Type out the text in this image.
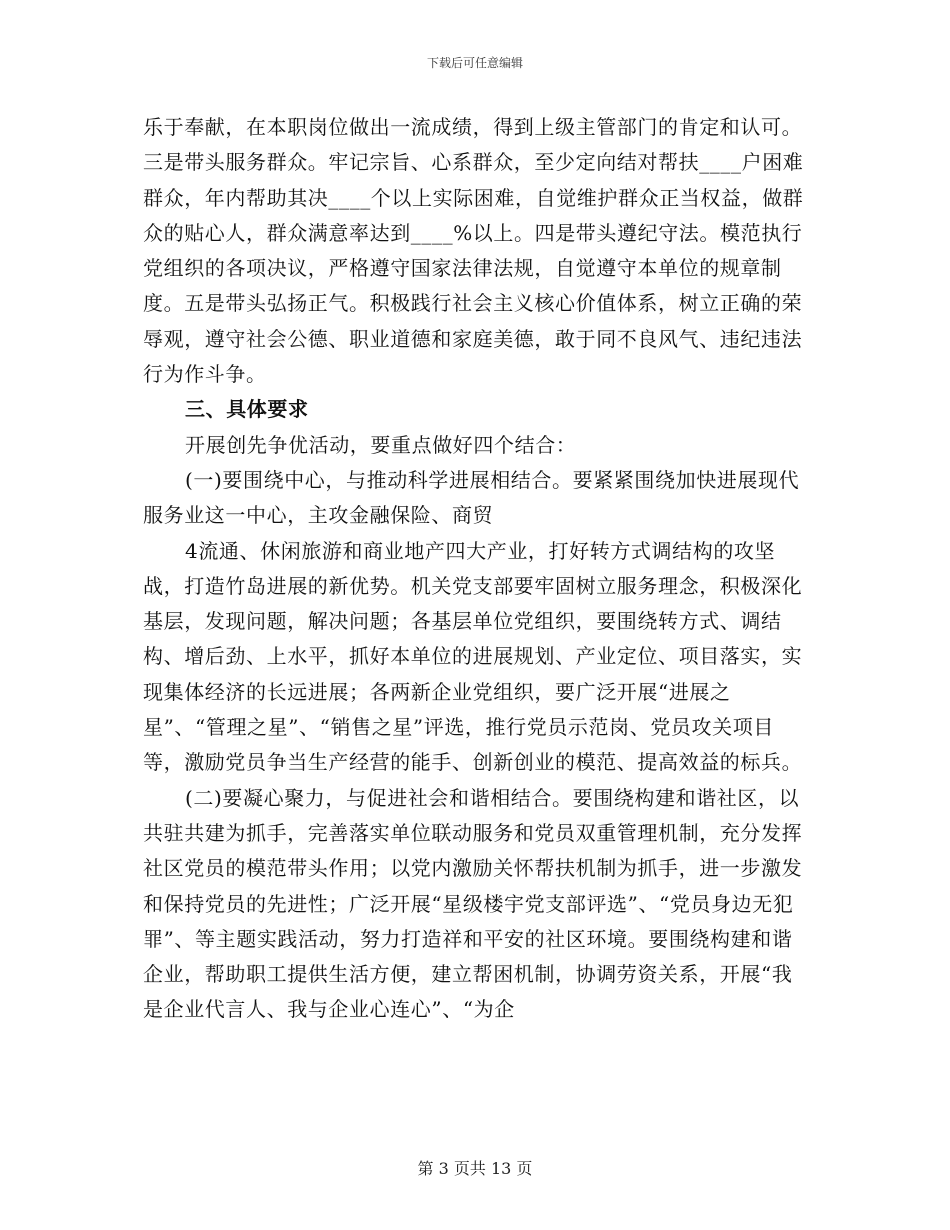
下载后可任意编辑

乐于奉献，在本职岗位做出一流成绩，得到上级主管部门的肯定和认可。三是带头服务群众。牢记宗旨、心系群众，至少定向结对帮扶____户困难群众，年内帮助其决____个以上实际困难，自觉维护群众正当权益，做群众的贴心人，群众满意率达到____%以上。四是带头遵纪守法。模范执行党组织的各项决议，严格遵守国家法律法规，自觉遵守本单位的规章制度。五是带头弘扬正气。积极践行社会主义核心价值体系，树立正确的荣辱观，遵守社会公德、职业道德和家庭美德，敢于同不良风气、违纪违法行为作斗争。

三、具体要求

开展创先争优活动，要重点做好四个结合：

(一)要围绕中心，与推动科学进展相结合。要紧紧围绕加快进展现代服务业这一中心，主攻金融保险、商贸

4流通、休闲旅游和商业地产四大产业，打好转方式调结构的攻坚战，打造竹岛进展的新优势。机关党支部要牢固树立服务理念，积极深化基层，发现问题，解决问题；各基层单位党组织，要围绕转方式、调结构、增后劲、上水平，抓好本单位的进展规划、产业定位、项目落实，实现集体经济的长远进展；各两新企业党组织，要广泛开展“进展之星”、“管理之星”、“销售之星”评选，推行党员示范岗、党员攻关项目等，激励党员争当生产经营的能手、创新创业的模范、提高效益的标兵。

(二)要凝心聚力，与促进社会和谐相结合。要围绕构建和谐社区，以共驻共建为抓手，完善落实单位联动服务和党员双重管理机制，充分发挥社区党员的模范带头作用；以党内激励关怀帮扶机制为抓手，进一步激发和保持党员的先进性；广泛开展“星级楼宇党支部评选”、“党员身边无犯罪”、等主题实践活动，努力打造祥和平安的社区环境。要围绕构建和谐企业，帮助职工提供生活方便，建立帮困机制，协调劳资关系，开展“我是企业代言人、我与企业心连心”、“为企

第 3 页共 13 页
